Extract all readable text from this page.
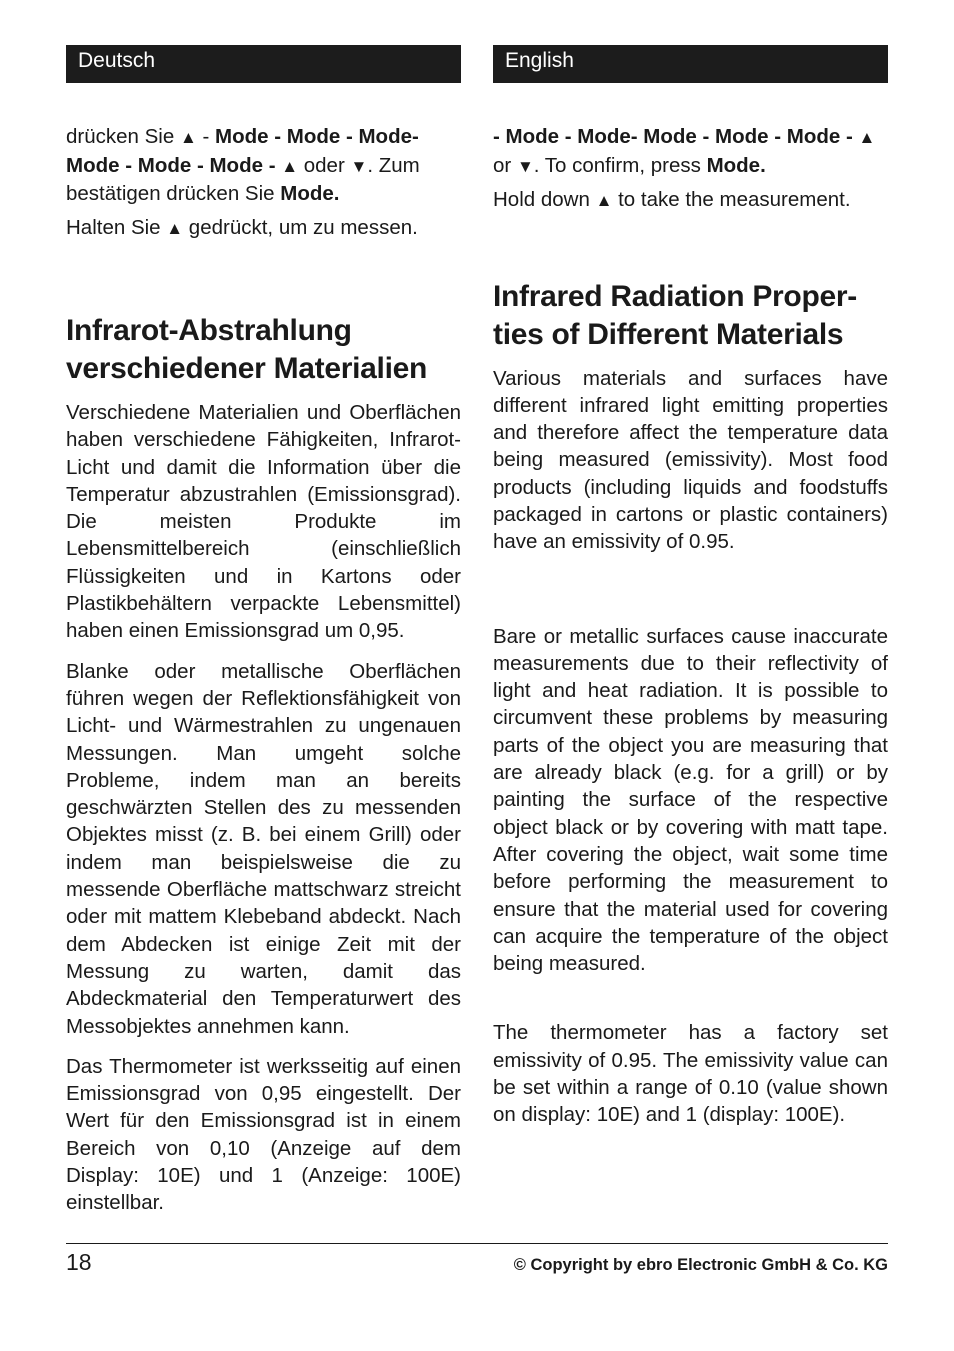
Deutsch

drücken Sie ▲ - Mode - Mode - Mode-Mode - Mode - Mode - ▲ oder ▼. Zum bestätigen drücken Sie Mode.

Halten Sie ▲ gedrückt, um zu messen.

Infrarot-Abstrahlung
verschiedener Materialien

Verschiedene Materialien und Oberflächen haben verschiedene Fähigkeiten, Infrarot-Licht und damit die Information über die Temperatur abzustrahlen (Emissionsgrad). Die meisten Produkte im Lebensmittelbereich (einschließlich Flüssigkeiten und in Kartons oder Plastikbehältern verpackte Lebensmittel) haben einen Emissionsgrad um 0,95.

Blanke oder metallische Oberflächen führen wegen der Reflektionsfähigkeit von Licht- und Wärmestrahlen zu ungenauen Messungen. Man umgeht solche Probleme, indem man an bereits geschwärzten Stellen des zu messenden Objektes misst (z. B. bei einem Grill) oder indem man beispielsweise die zu messende Oberfläche mattschwarz streicht oder mit mattem Klebeband abdeckt. Nach dem Abdecken ist einige Zeit mit der Messung zu warten, damit das Abdeckmaterial den Temperaturwert des Messobjektes annehmen kann.

Das Thermometer ist werksseitig auf einen Emissionsgrad von 0,95 eingestellt. Der Wert für den Emissionsgrad ist in einem Bereich von 0,10 (Anzeige auf dem Display: 10E) und 1 (Anzeige: 100E) einstellbar.

English

- Mode - Mode- Mode - Mode - Mode - ▲ or ▼. To confirm, press Mode.

Hold down ▲ to take the measurement.

Infrared Radiation Proper-
ties of Different Materials

Various materials and surfaces have different infrared light emitting properties and therefore affect the temperature data being measured (emissivity). Most food products (including liquids and foodstuffs packaged in cartons or plastic containers) have an emissivity of 0.95.

Bare or metallic surfaces cause inaccurate measurements due to their reflectivity of light and heat radiation. It is possible to circumvent these problems by measuring parts of the object you are measuring that are already black (e.g. for a grill) or by painting the surface of the respective object black or by covering with matt tape. After covering the object, wait some time before performing the measurement to ensure that the material used for covering can acquire the temperature of the object being measured.

The thermometer has a factory set emissivity of 0.95. The emissivity value can be set within a range of 0.10 (value shown on display: 10E) and 1 (display: 100E).

18	© Copyright by ebro Electronic GmbH & Co. KG
